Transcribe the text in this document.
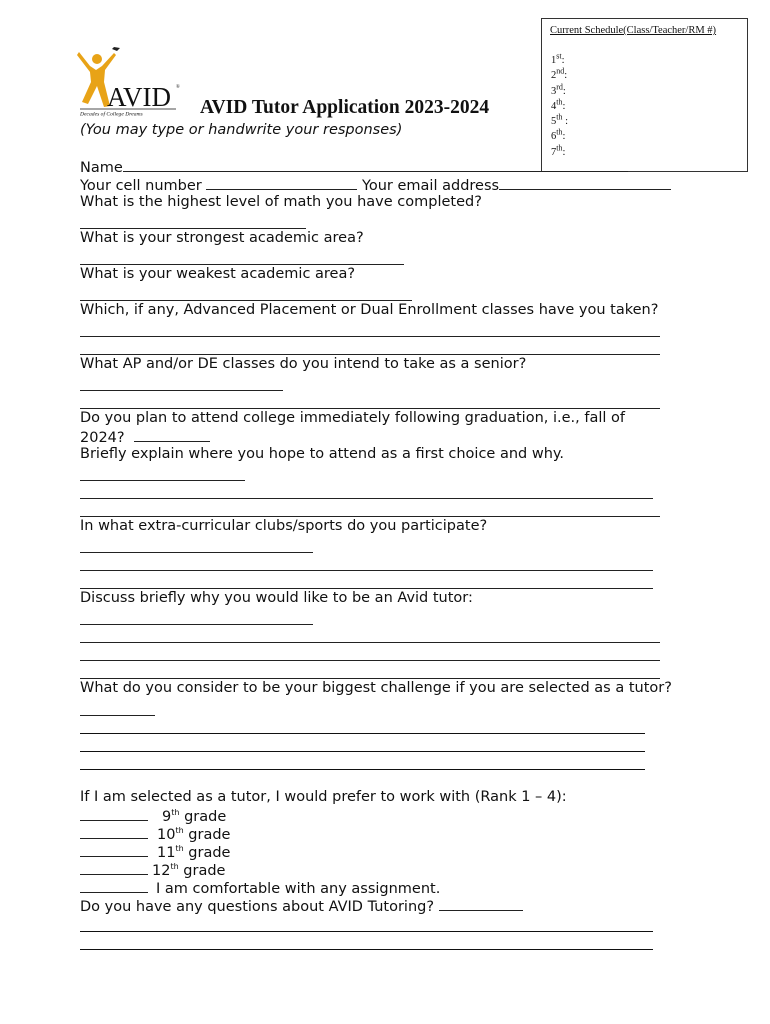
Current Schedule(Class/Teacher/RM #)
1st:
2nd:
3rd:
4th:
5th :
6th:
7th:
AVID ®
Decades of College Dreams	AVID Tutor Application 2023-2024
(You may type or handwrite your responses)
Name
Your cell number	Your email address
What is the highest level of math you have completed?
What is your strongest academic area?
What is your weakest academic area?
Which, if any, Advanced Placement or Dual Enrollment classes have you taken?
What AP and/or DE classes do you intend to take as a senior?
Do you plan to attend college immediately following graduation, i.e., fall of
2024?
Briefly explain where you hope to attend as a first choice and why.
In what extra-curricular clubs/sports do you participate?
Discuss briefly why you would like to be an Avid tutor:
What do you consider to be your biggest challenge if you are selected as a tutor?
If I am selected as a tutor, I would prefer to work with (Rank 1 – 4):
9th grade
10th grade
11th grade
12th grade
I am comfortable with any assignment.
Do you have any questions about AVID Tutoring?
